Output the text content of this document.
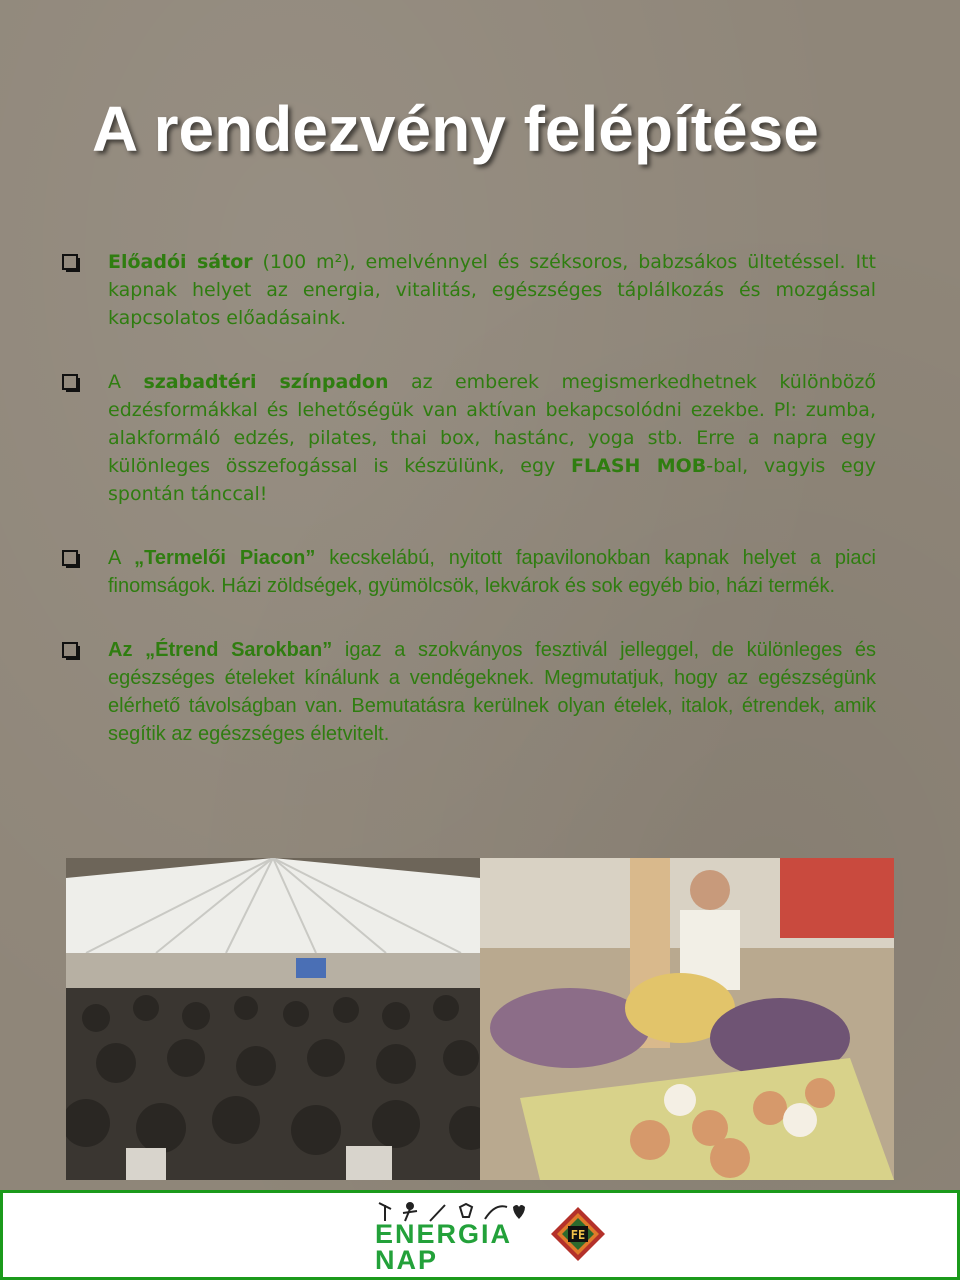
A rendezvény felépítése
Előadói sátor (100 m²), emelvénnyel és széksoros, babzsákos ültetéssel. Itt kapnak helyet az energia, vitalitás, egészséges táplálkozás és mozgással kapcsolatos előadásaink.
A szabadtéri színpadon az emberek megismerkedhetnek különböző edzésformákkal és lehetőségük van aktívan bekapcsolódni ezekbe. Pl: zumba, alakformáló edzés, pilates, thai box, hastánc, yoga stb. Erre a napra egy különleges összefogással is készülünk, egy FLASH MOB-bal, vagyis egy spontán tánccal!
A „Termelői Piacon” kecskelábú, nyitott fapavilonokban kapnak helyet a piaci finomságok. Házi zöldségek, gyümölcsök, lekvárok és sok egyéb bio, házi termék.
Az „Étrend Sarokban” igaz a szokványos fesztivál jelleggel, de különleges és egészséges ételeket kínálunk a vendégeknek. Megmutatjuk, hogy az egészségünk elérhető távolságban van. Bemutatásra kerülnek olyan ételek, italok, étrendek, amik segítik az egészséges életvitelt.
ENERGIA
NAP
FE
